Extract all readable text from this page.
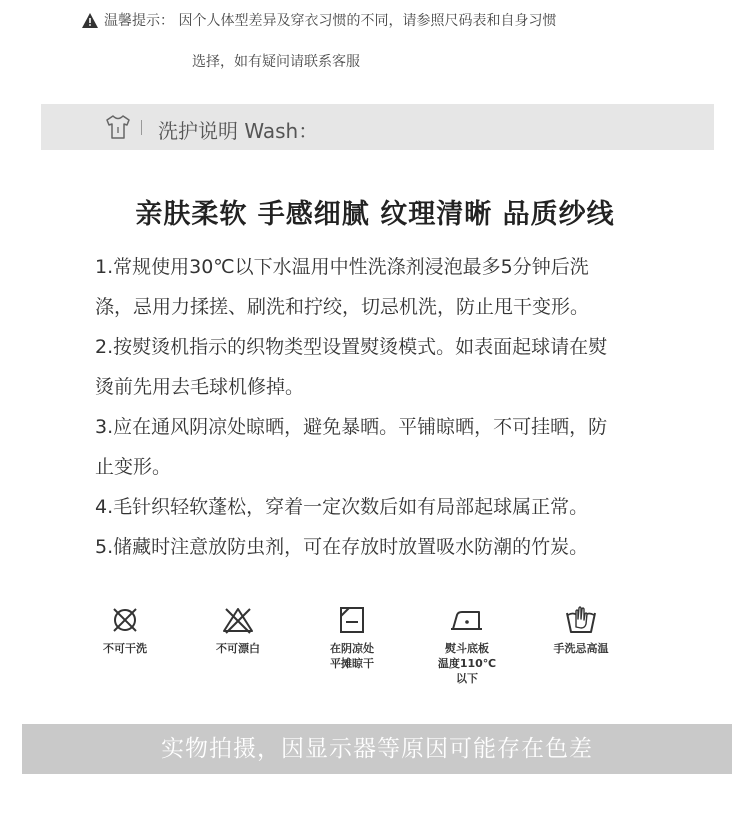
温馨提示： 因个人体型差异及穿衣习惯的不同，请参照尺码表和自身习惯
选择，如有疑问请联系客服
洗护说明 Wash：
亲肤柔软 手感细腻 纹理清晰 品质纱线
1.常规使用30℃以下水温用中性洗涤剂浸泡最多5分钟后洗
涤，忌用力揉搓、刷洗和拧绞，切忌机洗，防止甩干变形。
2.按熨烫机指示的织物类型设置熨烫模式。如表面起球请在熨
烫前先用去毛球机修掉。
3.应在通风阴凉处晾晒，避免暴晒。平铺晾晒，不可挂晒，防
止变形。
4.毛针织轻软蓬松，穿着一定次数后如有局部起球属正常。
5.储藏时注意放防虫剂，可在存放时放置吸水防潮的竹炭。
不可干洗	不可漂白	在阴凉处
平摊晾干
熨斗底板
温度110℃
以下
手洗忌高温
实物拍摄，因显示器等原因可能存在色差
